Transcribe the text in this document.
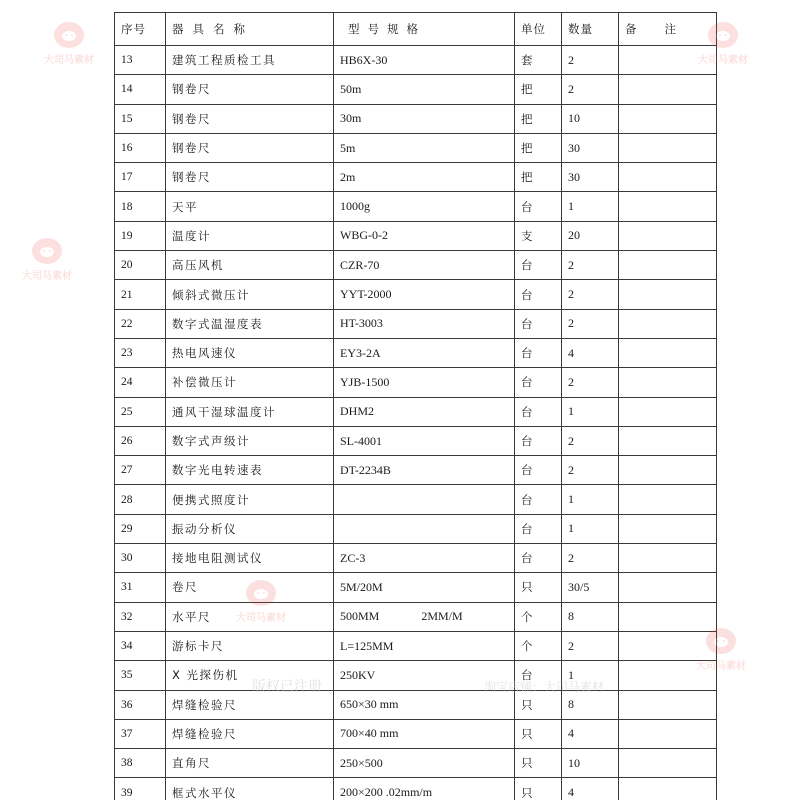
序号	器具名称	型号规格	单位	数量	备注
13	建筑工程质检工具	HB6X-30	套	2	
14	钢卷尺	50m	把	2	
15	钢卷尺	30m	把	10	
16	钢卷尺	5m	把	30	
17	钢卷尺	2m	把	30	
18	天平	1000g	台	1	
19	温度计	WBG-0-2	支	20	
20	高压风机	CZR-70	台	2	
21	倾斜式微压计	YYT-2000	台	2	
22	数字式温湿度表	HT-3003	台	2	
23	热电风速仪	EY3-2A	台	4	
24	补偿微压计	YJB-1500	台	2	
25	通风干湿球温度计	DHM2	台	1	
26	数字式声级计	SL-4001	台	2	
27	数字光电转速表	DT-2234B	台	2	
28	便携式照度计		台	1	
29	振动分析仪		台	1	
30	接地电阻测试仪	ZC-3	台	2	
31	卷尺	5M/20M	只	30/5	
32	水平尺	500MM 2MM/M	个	8	
34	游标卡尺	L=125MM	个	2	
35	X 光探伤机	250KV	台	1	
36	焊缝检验尺	650×30 mm	只	8	
37	焊缝检验尺	700×40 mm	只	4	
38	直角尺	250×500	只	10	
39	框式水平仪	200×200 .02mm/m	只	4	
大司马素材
大司马素材
大司马素材
大司马素材
大司马素材
版权已注册	淘宝店铺：大司马素材
